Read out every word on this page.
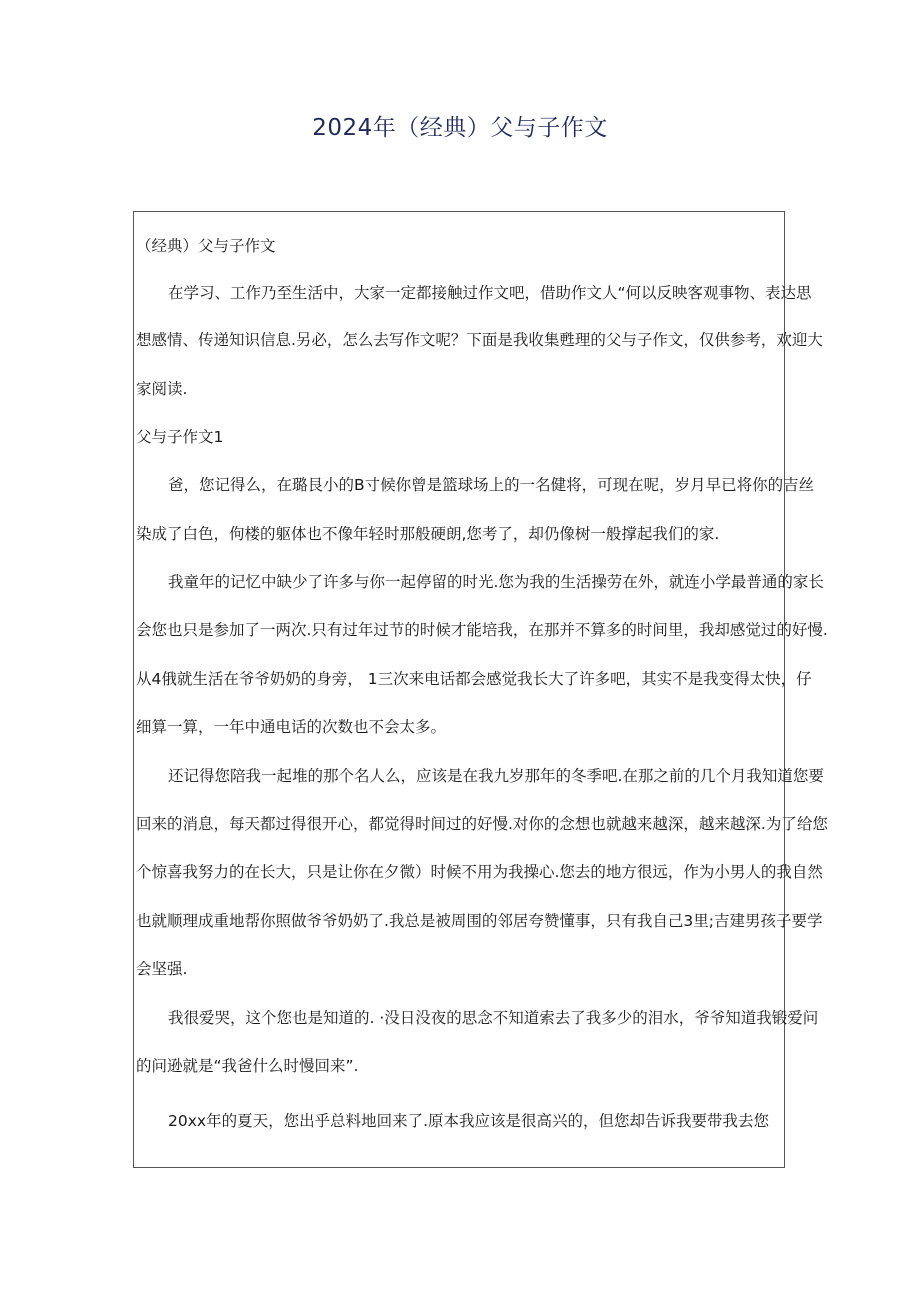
2024年（经典）父与子作文
（经典）父与子作文
在学习、工作乃至生活中，大家一定都接触过作文吧，借助作文人“何以反映客观事物、表达思
想感情、传递知识信息.另必，怎么去写作文呢？下面是我收集甦理的父与子作文，仅供参考，欢迎大
家阅读.
父与子作文1
爸，您记得么，在璐艮小的B寸候你曾是篮球场上的一名健将，可现在呢，岁月早已将你的吉丝
染成了白色，佝楼的躯体也不像年轻时那般硬朗,您考了，却仍像树一般撑起我们的家.
我童年的记忆中缺少了许多与你一起停留的时光.您为我的生活操劳在外，就连小学最普通的家长
会您也只是参加了一两次.只有过年过节的时候才能培我，在那并不算多的时间里，我却感觉过的好慢.
从4俄就生活在爷爷奶奶的身旁， 1三次来电话都会感觉我长大了许多吧，其实不是我变得太快，仔
细算一算，一年中通电话的次数也不会太多。
还记得您陪我一起堆的那个名人么，应该是在我九岁那年的冬季吧.在那之前的几个月我知道您要
回来的消息，每天都过得很开心，都觉得时间过的好慢.对你的念想也就越来越深，越来越深.为了给您
个惊喜我努力的在长大，只是让你在夕微）时候不用为我操心.您去的地方很远，作为小男人的我自然
也就顺理成重地帮你照做爷爷奶奶了.我总是被周围的邻居夸赞懂事，只有我自己3里;吉建男孩子要学
会坚强.
我很爱哭，这个您也是知道的. ·没日没夜的思念不知道索去了我多少的泪水，爷爷知道我锻爱问
的问逊就是“我爸什么时慢回来”.
20xx年的夏天，您出乎总料地回来了.原本我应该是很高兴的，但您却告诉我要带我去您
